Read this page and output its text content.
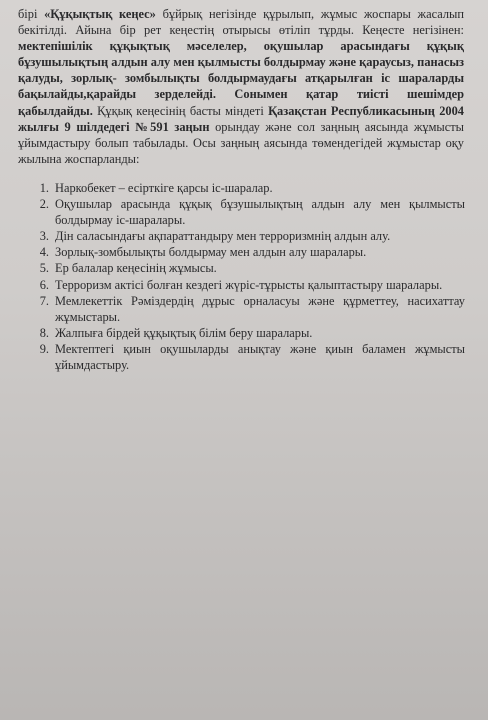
бірі «Құқықтық кеңес» бұйрық негізінде құрылып, жұмыс жоспары жасалып бекітілді. Айына бір рет кеңестің отырысы өтіліп тұрды. Кеңесте негізінен: мектепішілік құқықтық мәселелер, оқушылар арасындағы құқық бұзушылықтың алдын алу мен қылмысты болдырмау және қараусыз, панасыз қалуды, зорлық- зомбылықты болдырмаудағы атқарылған іс шараларды бақылайды,қарайды зерделейді. Сонымен қатар тиісті шешімдер қабылдайды. Құқық кеңесінің басты міндеті Қазақстан Республикасының 2004 жылғы 9 шілдедегі №591 заңын орындау және сол заңның аясында жұмысты ұйымдастыру болып табылады. Осы заңның аясында төмендегідей жұмыстар оқу жылына жоспарланды:

1. Наркобекет – есірткіге қарсы іс-шаралар.
2. Оқушылар арасында құқық бұзушылықтың алдын алу мен қылмысты болдырмау іс-шаралары.
3. Дін саласындағы ақпараттандыру мен терроризмнің алдын алу.
4. Зорлық-зомбылықты болдырмау мен алдын алу шаралары.
5. Ер балалар кеңесінің жұмысы.
6. Терроризм актісі болған кездегі жүріс-тұрысты қалыптастыру шаралары.
7. Мемлекеттік Рәміздердің дұрыс орналасуы және құрметтеу, насихаттау жұмыстары.
8. Жалпыға бірдей құқықтық білім беру шаралары.
9. Мектептегі қиын оқушыларды анықтау және қиын баламен жұмысты ұйымдастыру.
